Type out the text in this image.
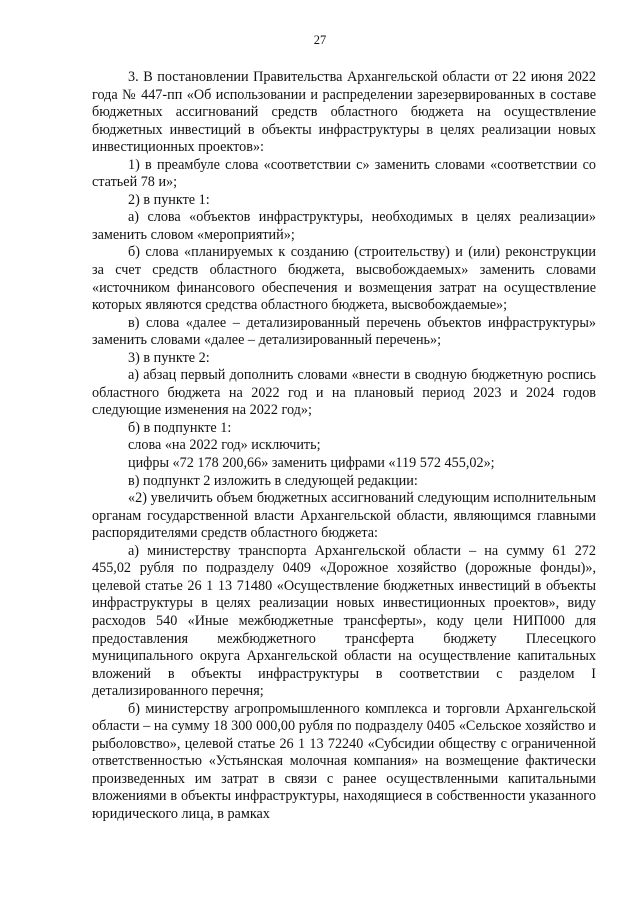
27

3. В постановлении Правительства Архангельской области от 22 июня 2022 года № 447-пп «Об использовании и распределении зарезервированных в составе бюджетных ассигнований средств областного бюджета на осуществление бюджетных инвестиций в объекты инфраструктуры в целях реализации новых инвестиционных проектов»:

1) в преамбуле слова «соответствии с» заменить словами «соответствии со статьей 78 и»;

2) в пункте 1:

а) слова «объектов инфраструктуры, необходимых в целях реализации» заменить словом «мероприятий»;

б) слова «планируемых к созданию (строительству) и (или) реконструкции за счет средств областного бюджета, высвобождаемых» заменить словами «источником финансового обеспечения и возмещения затрат на осуществление которых являются средства областного бюджета, высвобождаемые»;

в) слова «далее – детализированный перечень объектов инфраструктуры» заменить словами «далее – детализированный перечень»;

3) в пункте 2:

а) абзац первый дополнить словами «внести в сводную бюджетную роспись областного бюджета на 2022 год и на плановый период 2023 и 2024 годов следующие изменения на 2022 год»;

б) в подпункте 1:

слова «на 2022 год» исключить;

цифры «72 178 200,66» заменить цифрами «119 572 455,02»;

в) подпункт 2 изложить в следующей редакции:

«2) увеличить объем бюджетных ассигнований следующим исполнительным органам государственной власти Архангельской области, являющимся главными распорядителями средств областного бюджета:

а) министерству транспорта Архангельской области – на сумму 61 272 455,02 рубля по подразделу 0409 «Дорожное хозяйство (дорожные фонды)», целевой статье 26 1 13 71480 «Осуществление бюджетных инвестиций в объекты инфраструктуры в целях реализации новых инвестиционных проектов», виду расходов 540 «Иные межбюджетные трансферты», коду цели НИП000 для предоставления межбюджетного трансферта бюджету Плесецкого муниципального округа Архангельской области на осуществление капитальных вложений в объекты инфраструктуры в соответствии с разделом I детализированного перечня;

б) министерству агропромышленного комплекса и торговли Архангельской области – на сумму 18 300 000,00 рубля по подразделу 0405 «Сельское хозяйство и рыболовство», целевой статье 26 1 13 72240 «Субсидии обществу с ограниченной ответственностью «Устьянская молочная компания» на возмещение фактически произведенных им затрат в связи с ранее осуществленными капитальными вложениями в объекты инфраструктуры, находящиеся в собственности указанного юридического лица, в рамках
